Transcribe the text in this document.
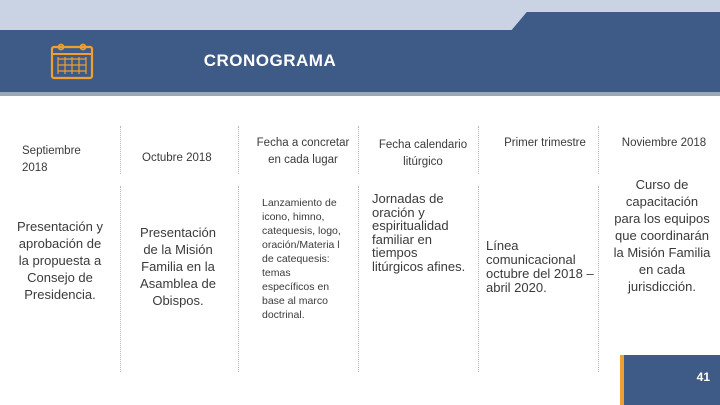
CRONOGRAMA
Septiembre 2018
Presentación y aprobación de la propuesta a Consejo de Presidencia.
Octubre 2018
Presentación de la Misión Familia en la Asamblea de Obispos.
Fecha a concretar en cada lugar
Lanzamiento de icono, himno, catequesis, logo, oración/Materia l de catequesis: temas específicos en base al marco doctrinal.
Fecha calendario litúrgico
Jornadas de oración y espiritualidad familiar en tiempos litúrgicos afines.
Primer trimestre
Línea comunicacional octubre del 2018 – abril 2020.
Noviembre 2018
Curso de capacitación para los equipos que coordinarán la Misión Familia en cada jurisdicción.
41
